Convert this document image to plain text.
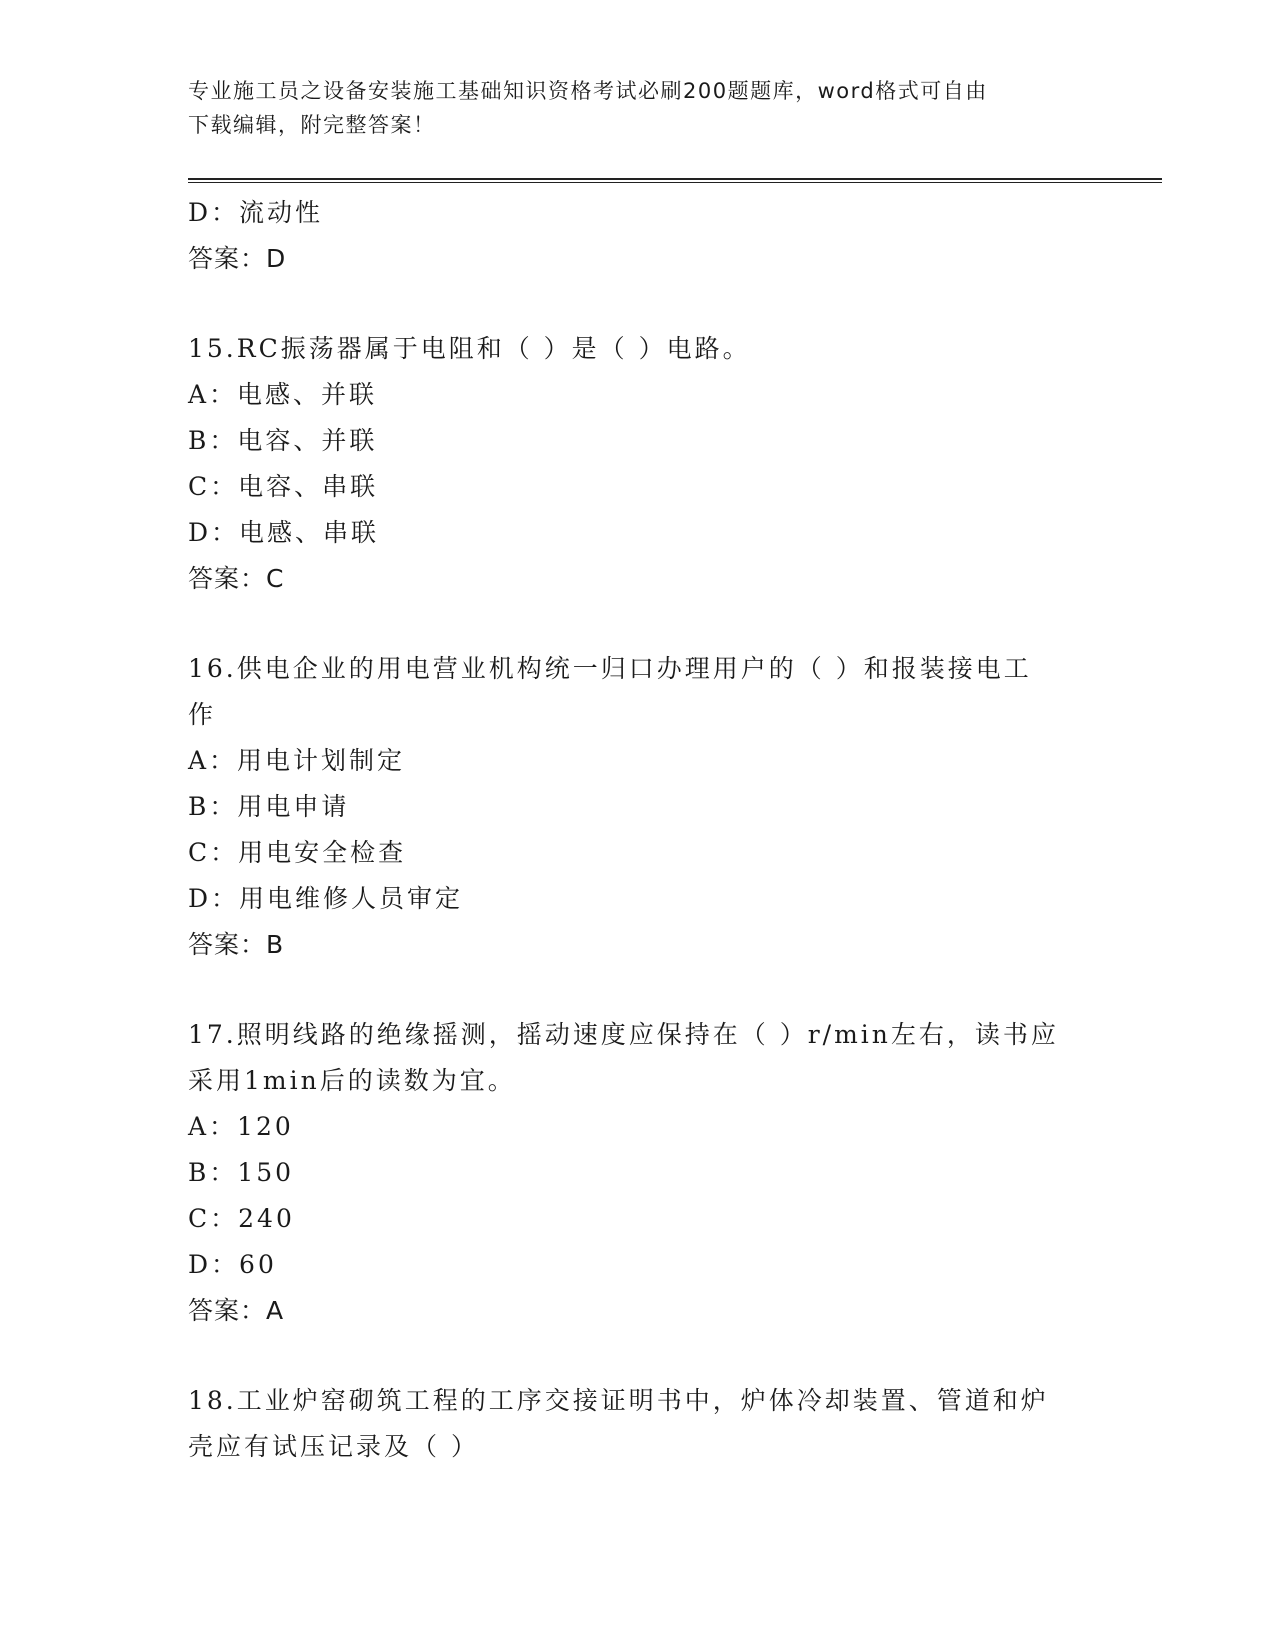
专业施工员之设备安装施工基础知识资格考试必刷200题题库，word格式可自由
下载编辑，附完整答案！
D：流动性
答案：D
15.RC振荡器属于电阻和（ ）是（ ）电路。
A：电感、并联
B：电容、并联
C：电容、串联
D：电感、串联
答案：C
16.供电企业的用电营业机构统一归口办理用户的（ ）和报装接电工
作
A：用电计划制定
B：用电申请
C：用电安全检查
D：用电维修人员审定
答案：B
17.照明线路的绝缘摇测，摇动速度应保持在（ ）r/min左右，读书应
采用1min后的读数为宜。
A：120
B：150
C：240
D：60
答案：A
18.工业炉窑砌筑工程的工序交接证明书中，炉体冷却装置、管道和炉
壳应有试压记录及（ ）
